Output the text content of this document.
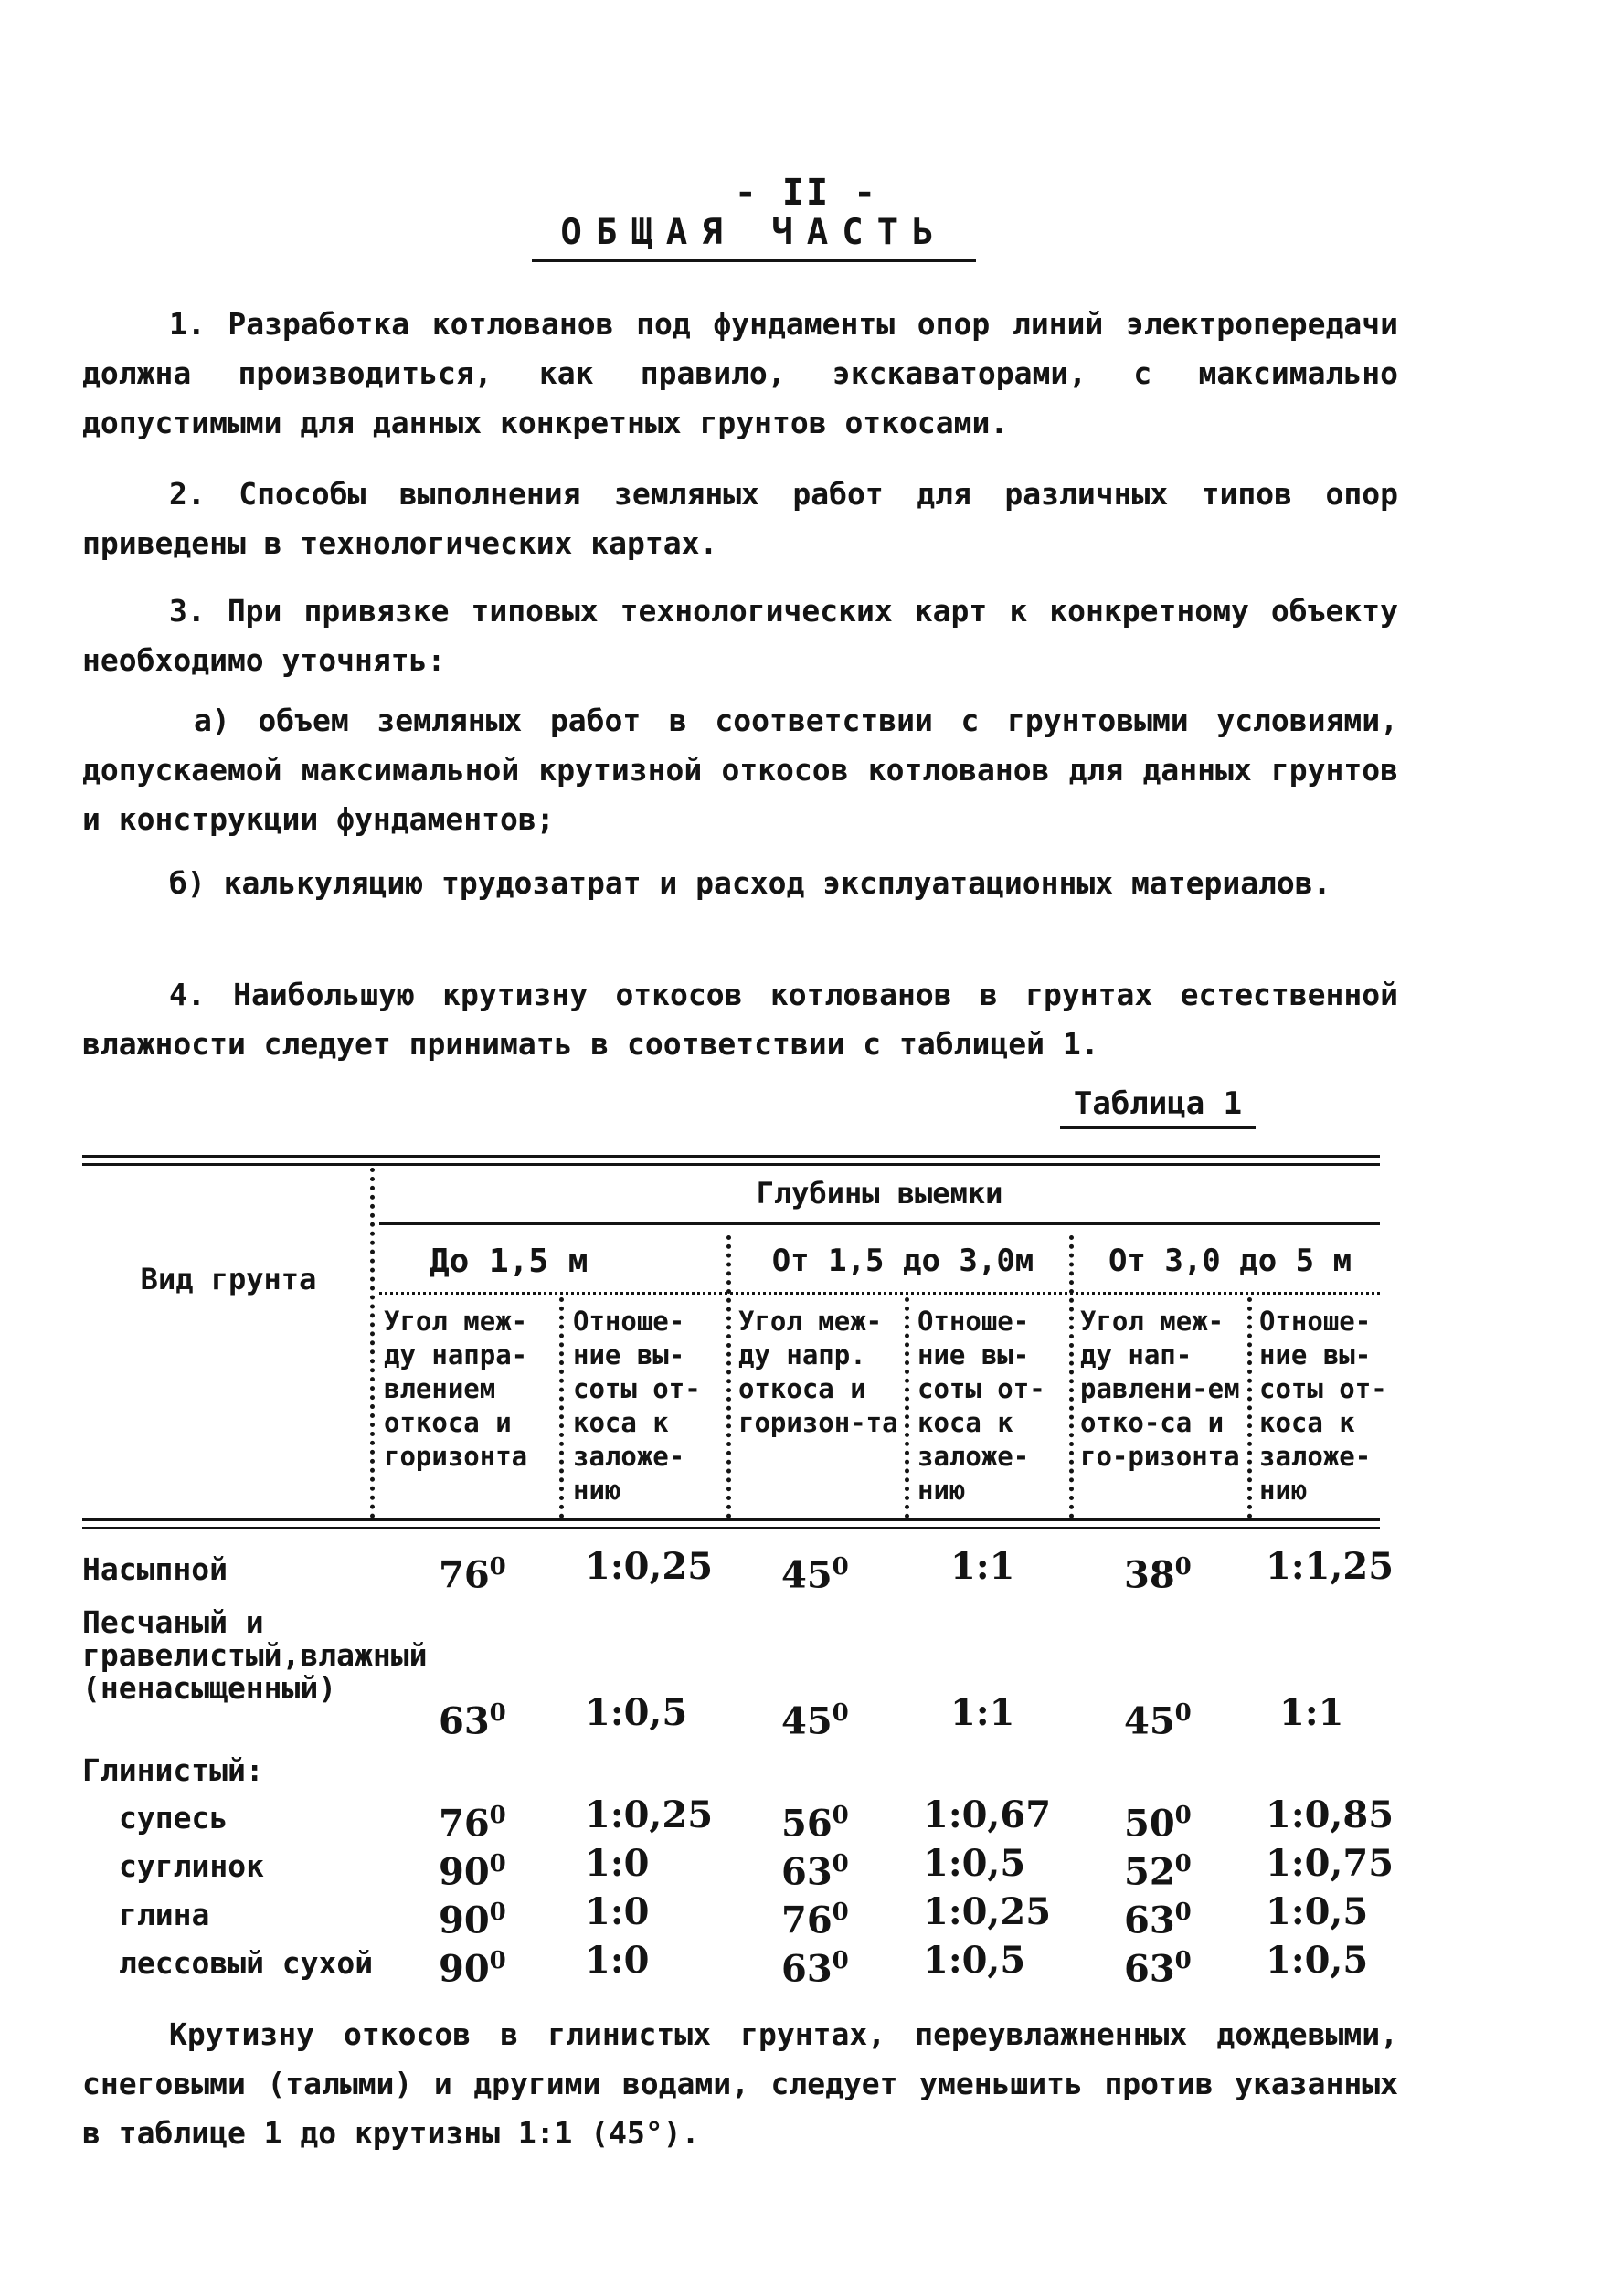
- II -
ОБЩАЯ ЧАСТЬ
1. Разработка котлованов под фундаменты опор линий электропередачи должна производиться, как правило, экскаваторами, с максимально допустимыми для данных конкретных грунтов откосами.
2. Способы выполнения земляных работ для различных типов опор приведены в технологических картах.
3. При привязке типовых технологических карт к конкретному объекту необходимо уточнять:
а) объем земляных работ в соответствии с грунтовыми условиями, допускаемой максимальной крутизной откосов котлованов для данных грунтов и конструкции фундаментов;
б) калькуляцию трудозатрат и расход эксплуатационных материалов.
4. Наибольшую крутизну откосов котлованов в грунтах естественной влажности следует принимать в соответствии с таблицей 1.
Таблица 1
Вид грунта
Глубины выемки
До 1,5 м	От 1,5 до 3,0м	От 3,0 до 5 м
Угол меж-ду напра-влением откоса и горизонта
Отноше-ние вы-соты от-коса к заложе-нию
Угол меж-ду напр. откоса и горизон-та
Отноше-ние вы-соты от-коса к заложе-нию
Угол меж-ду нап-равлени-ем отко-са и го-ризонта
Отноше-ние вы-соты от-коса к заложе-нию
Насыпной	$76^0$ 1:0,25 $45^0$	1:1	$38^0$ 1:1,25
Песчаный и гравелистый,влажный (ненасыщенный)
$63^0$ 1:0,5	$45^0$	1:1	$45^0$ 1:1
Глинистый:
супесь	$76^0$ 1:0,25 $56^0$ 1:0,67 $50^0$ 1:0,85
суглинок	$90^0$ 1:0	$63^0$ 1:0,5	$52^0$ 1:0,75
глина	$90^0$ 1:0	$76^0$ 1:0,25 $63^0$ 1:0,5
лессовый сухой $90^0$ 1:0	$63^0$ 1:0,5	$63^0$ 1:0,5
Крутизну откосов в глинистых грунтах, переувлажненных дождевыми, снеговыми (талыми) и другими водами, следует уменьшить против указанных в таблице 1 до крутизны 1:1 (45°).
